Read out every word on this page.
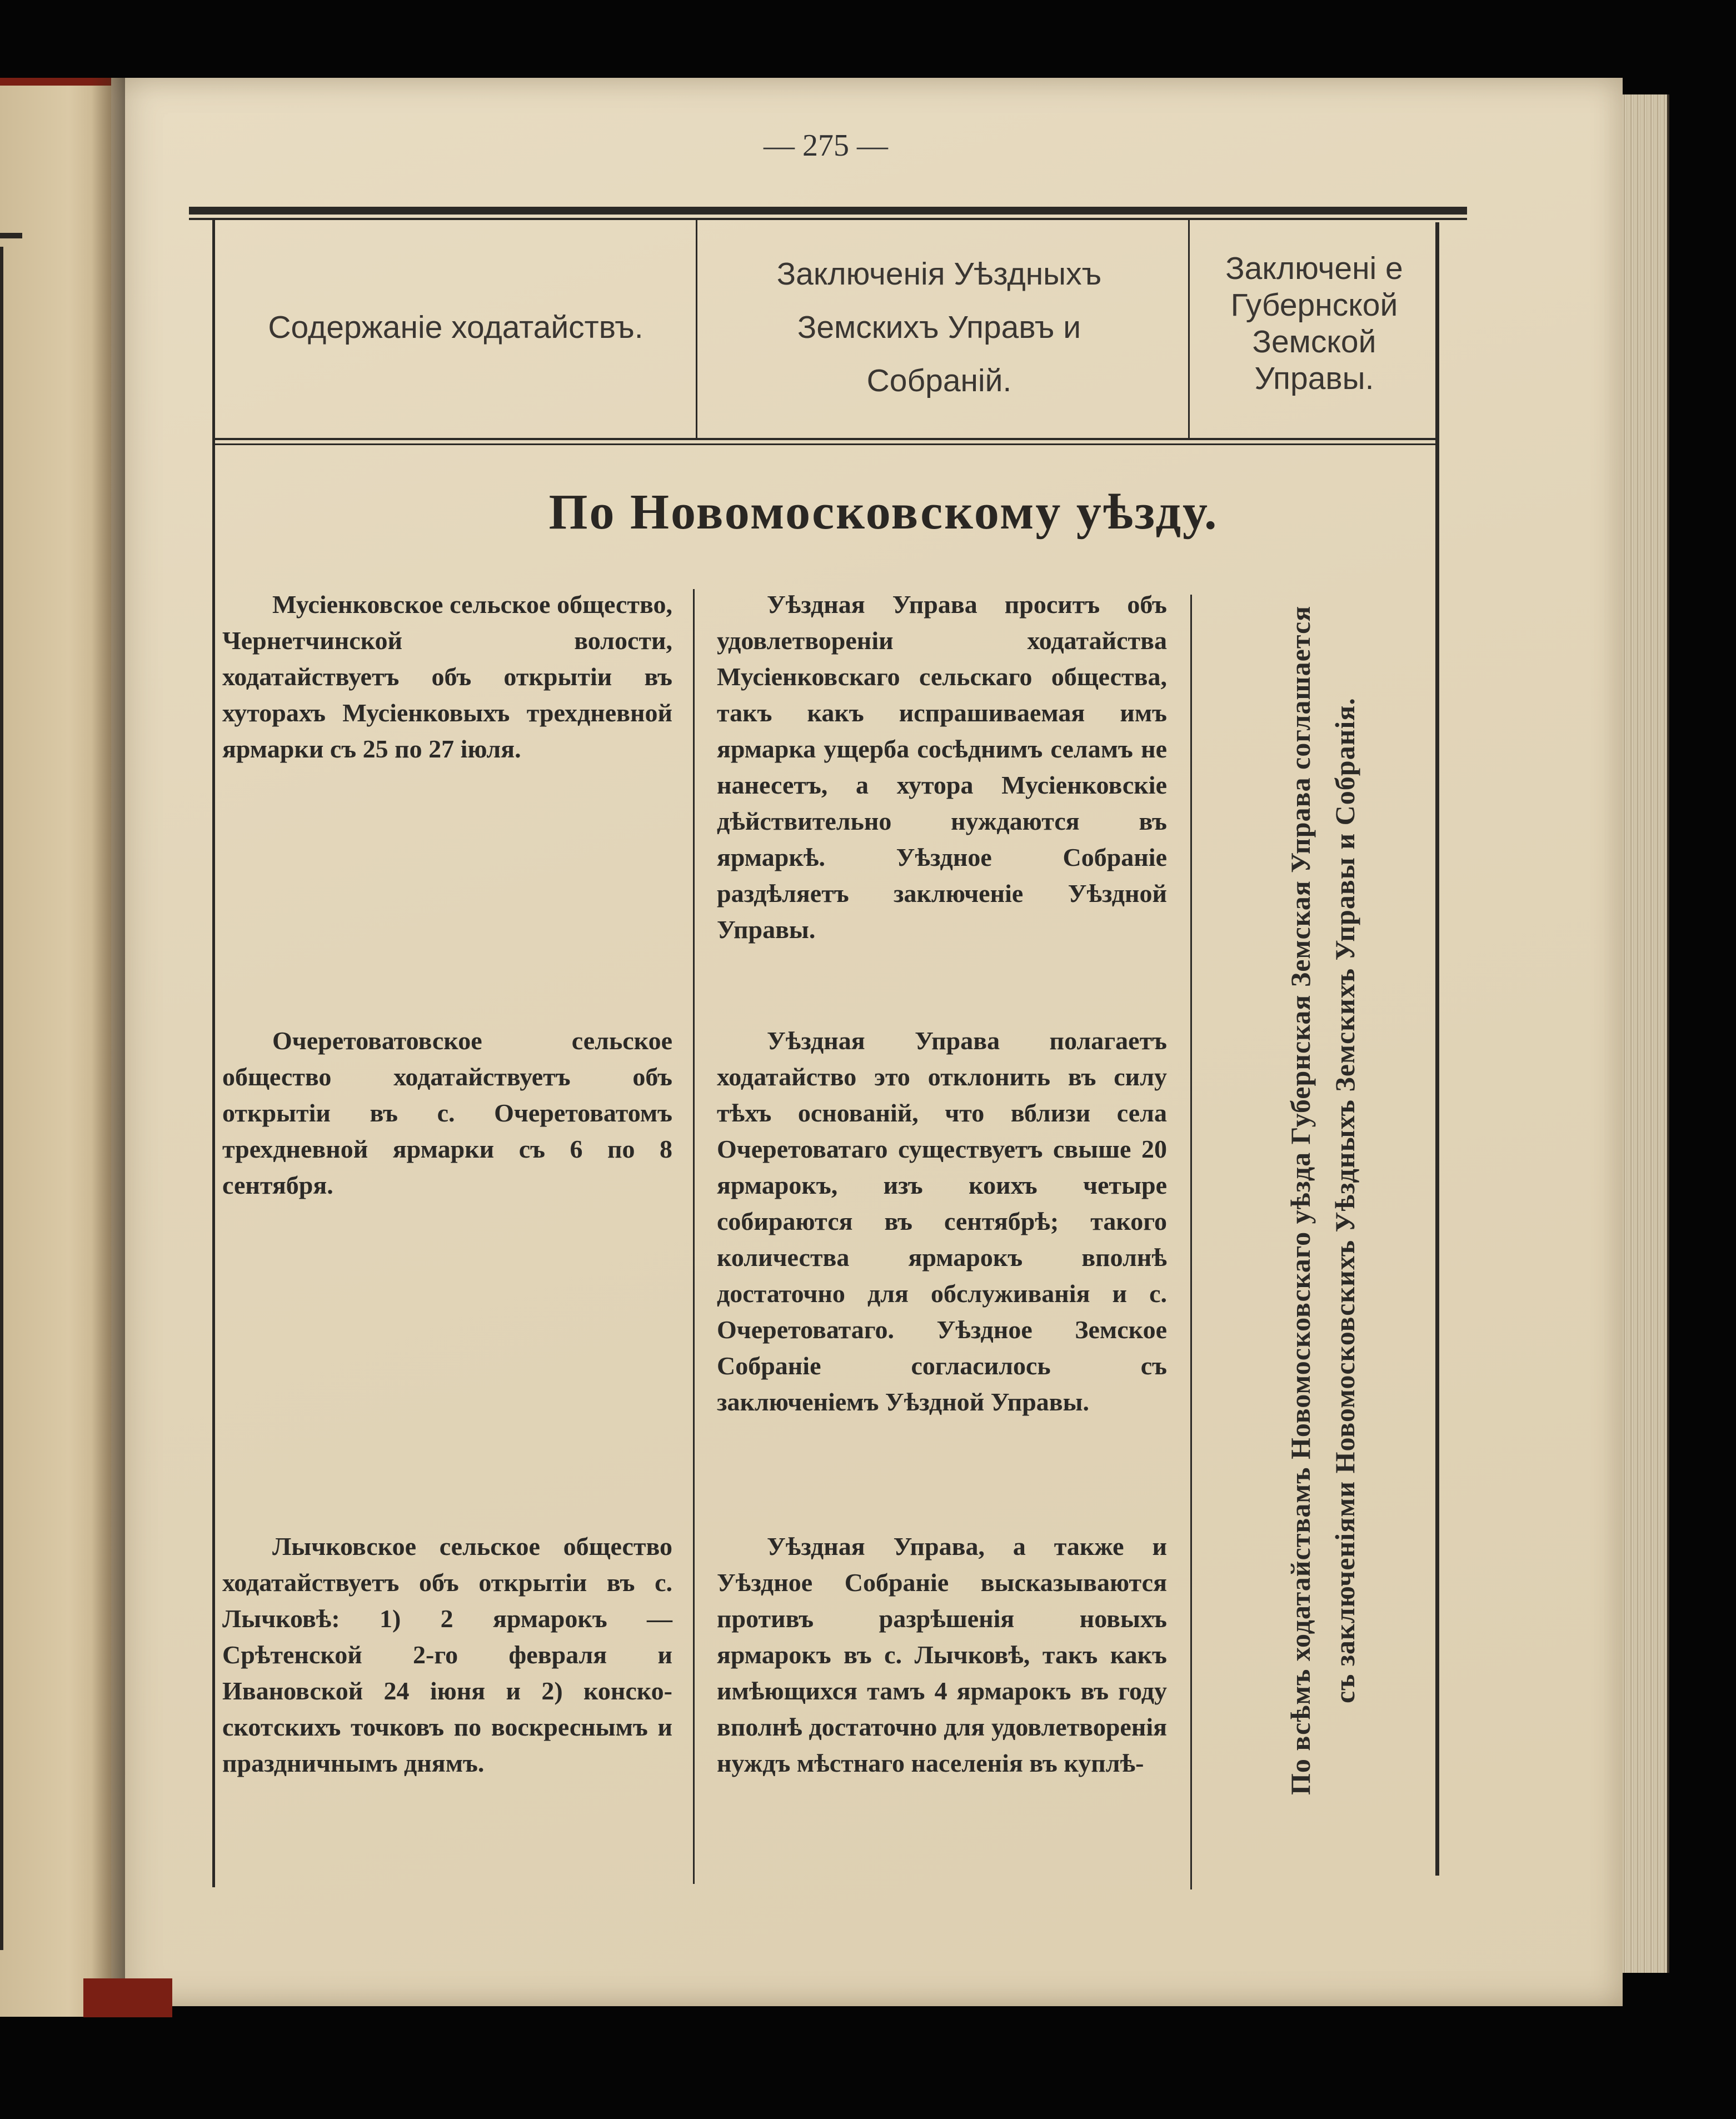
— 275 —
Содержаніе ходатайствъ.
Заключенія Уѣздныхъ Земскихъ Управъ и Собраній.
Заключені е Губернской Земской Управы.
По Новомосковскому уѣзду.

Мусіенковское сельское общество, Чернетчинской волости, ходатайствуетъ объ открытіи въ хуторахъ Мусіенковыхъ трехдневной ярмарки съ 25 по 27 іюля.

Уѣздная Управа проситъ объ удовлетвореніи ходатайства Мусіенковскаго сельскаго общества, такъ какъ испрашиваемая имъ ярмарка ущерба сосѣднимъ селамъ не нанесетъ, а хутора Мусіенковскіе дѣйствительно нуждаются въ ярмаркѣ. Уѣздное Собраніе раздѣляетъ заключеніе Уѣздной Управы.

Очеретоватовское сельское общество ходатайствуетъ объ открытіи въ с. Очеретоватомъ трехдневной ярмарки съ 6 по 8 сентября.

Уѣздная Управа полагаетъ ходатайство это отклонить въ силу тѣхъ основаній, что вблизи села Очеретоватаго существуетъ свыше 20 ярмарокъ, изъ коихъ четыре собираются въ сентябрѣ; такого количества ярмарокъ вполнѣ достаточно для обслуживанія и с. Очеретоватаго. Уѣздное Земское Собраніе согласилось съ заключеніемъ Уѣздной Управы.

Лычковское сельское общество ходатайствуетъ объ открытіи въ с. Лычковѣ: 1) 2 ярмарокъ — Срѣтенской 2-го февраля и Ивановской 24 іюня и 2) конско-скотскихъ точковъ по воскреснымъ и праздничнымъ днямъ.

Уѣздная Управа, а также и Уѣздное Собраніе высказываются противъ разрѣшенія новыхъ ярмарокъ въ с. Лычковѣ, такъ какъ имѣющихся тамъ 4 ярмарокъ въ году вполнѣ достаточно для удовлетворенія нуждъ мѣстнаго населенія въ куплѣ-	По всѣмъ ходатайствамъ Новомосковскаго уѣзда Губернская Земская Управа соглашается съ заключеніями Новомосковскихъ Уѣздныхъ Земскихъ Управы и Собранія.
